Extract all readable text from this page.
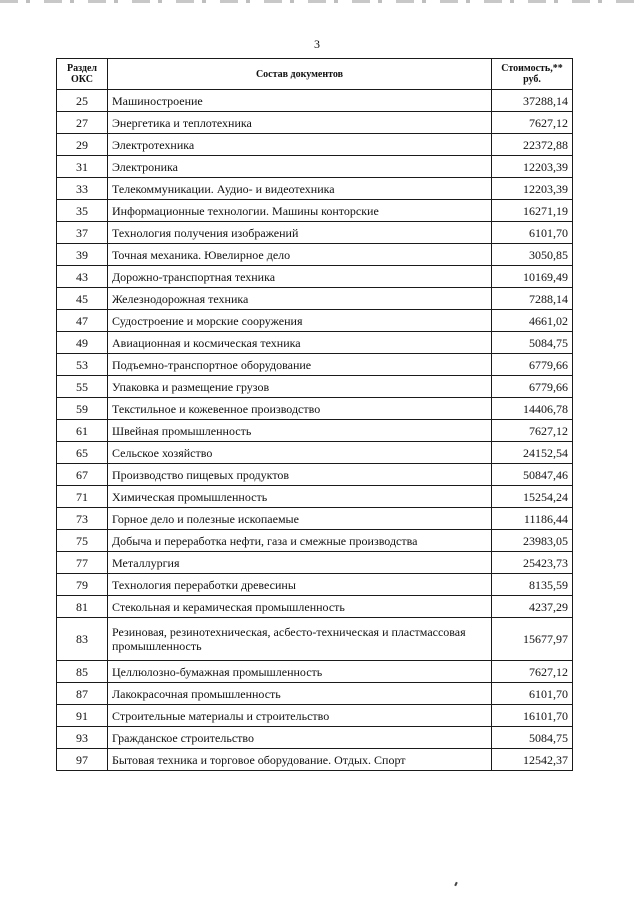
3
Раздел ОКС	Состав документов	Стоимость,** руб.
25	Машиностроение	37288,14
27	Энергетика и теплотехника	7627,12
29	Электротехника	22372,88
31	Электроника	12203,39
33	Телекоммуникации. Аудио- и видеотехника	12203,39
35	Информационные технологии. Машины конторские	16271,19
37	Технология получения изображений	6101,70
39	Точная механика. Ювелирное дело	3050,85
43	Дорожно-транспортная техника	10169,49
45	Железнодорожная техника	7288,14
47	Судостроение и морские сооружения	4661,02
49	Авиационная и космическая техника	5084,75
53	Подъемно-транспортное оборудование	6779,66
55	Упаковка и размещение грузов	6779,66
59	Текстильное и кожевенное производство	14406,78
61	Швейная промышленность	7627,12
65	Сельское хозяйство	24152,54
67	Производство пищевых продуктов	50847,46
71	Химическая промышленность	15254,24
73	Горное дело и полезные ископаемые	11186,44
75	Добыча и переработка нефти, газа и смежные производства	23983,05
77	Металлургия	25423,73
79	Технология переработки древесины	8135,59
81	Стекольная и керамическая промышленность	4237,29
83	Резиновая, резинотехническая, асбесто-техническая и пластмассовая промышленность	15677,97
85	Целлюлозно-бумажная промышленность	7627,12
87	Лакокрасочная промышленность	6101,70
91	Строительные материалы и строительство	16101,70
93	Гражданское строительство	5084,75
97	Бытовая техника и торговое оборудование. Отдых. Спорт	12542,37
